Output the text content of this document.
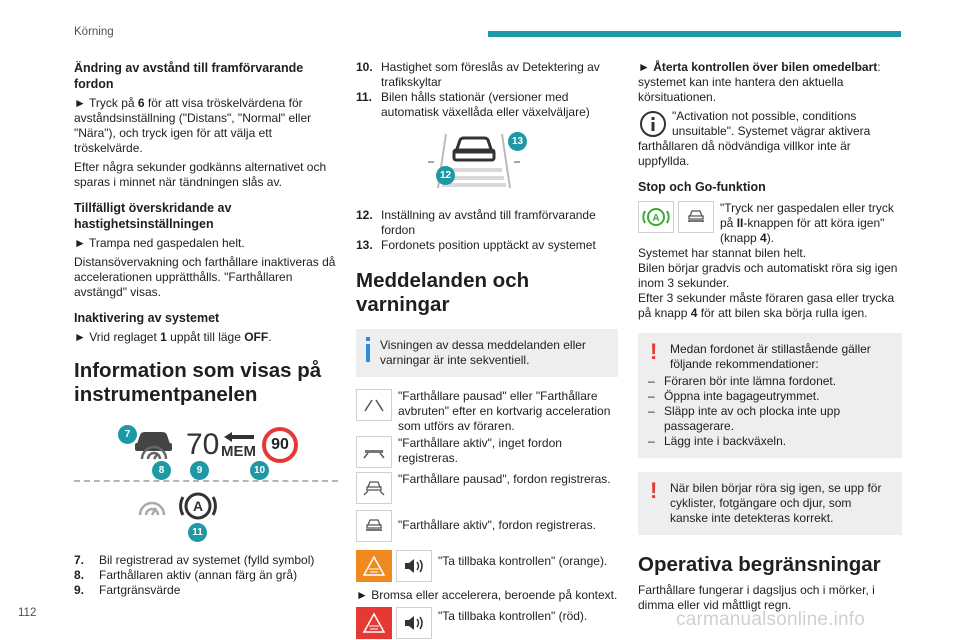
Körning
Ändring av avstånd till framförvarande fordon

► Tryck på 6 för att visa tröskelvärdena för avståndsinställning ("Distans", "Normal" eller "Nära"), och tryck igen för att välja ett tröskelvärde.

Efter några sekunder godkänns alternativet och sparas i minnet när tändningen slås av.

Tillfälligt överskridande av hastighetsinställningen

► Trampa ned gaspedalen helt.

Distansövervakning och farthållare inaktiveras då accelerationen upprätthålls. "Farthållaren avstängd" visas.

Inaktivering av systemet

► Vrid reglaget 1 uppåt till läge OFF.

Information som visas på instrumentpanelen
7
8
70
9
MEM 90
10
A
11
7.	Bil registrerad av systemet (fylld symbol)
8.	Farthållaren aktiv (annan färg än grå)
9.	Fartgränsvärde
10. Hastighet som föreslås av Detektering av trafikskyltar
11. Bilen hålls stationär (versioner med automatisk växellåda eller växelväljare)
12
13
12. Inställning av avstånd till framförvarande fordon
13. Fordonets position upptäckt av systemet
Meddelanden och varningar

Visningen av dessa meddelanden eller varningar är inte sekventiell.

"Farthållare pausad" eller "Farthållare avbruten" efter en kortvarig acceleration som utförs av föraren.

"Farthållare aktiv", inget fordon registreras.
"Farthållare pausad", fordon registreras.
"Farthållare aktiv", fordon registreras.
"Ta tillbaka kontrollen" (orange).

► Bromsa eller accelerera, beroende på kontext.

"Ta tillbaka kontrollen" (röd).

► Återta kontrollen över bilen omedelbart: systemet kan inte hantera den aktuella körsituationen.

"Activation not possible, conditions unsuitable". Systemet vägrar aktivera farthållaren då nödvändiga villkor inte är uppfyllda.

Stop och Go-funktion
A

"Tryck ner gaspedalen eller tryck på II-knappen för att köra igen" (knapp 4).

Systemet har stannat bilen helt.

Bilen börjar gradvis och automatiskt röra sig igen inom 3 sekunder.

Efter 3 sekunder måste föraren gasa eller trycka på knapp 4 för att bilen ska börja rulla igen.

!	Medan fordonet är stillastående gäller följande rekommendationer:

– Föraren bör inte lämna fordonet.
– Öppna inte bagageutrymmet.
– Släpp inte av och plocka inte upp passagerare.
– Lägg inte i backväxeln.
!	När bilen börjar röra sig igen, se upp för cyklister, fotgängare och djur, som kanske inte detekteras korrekt.

Operativa begränsningar

Farthållare fungerar i dagsljus och i mörker, i dimma eller vid måttligt regn.

112	carmanualsonline.info
